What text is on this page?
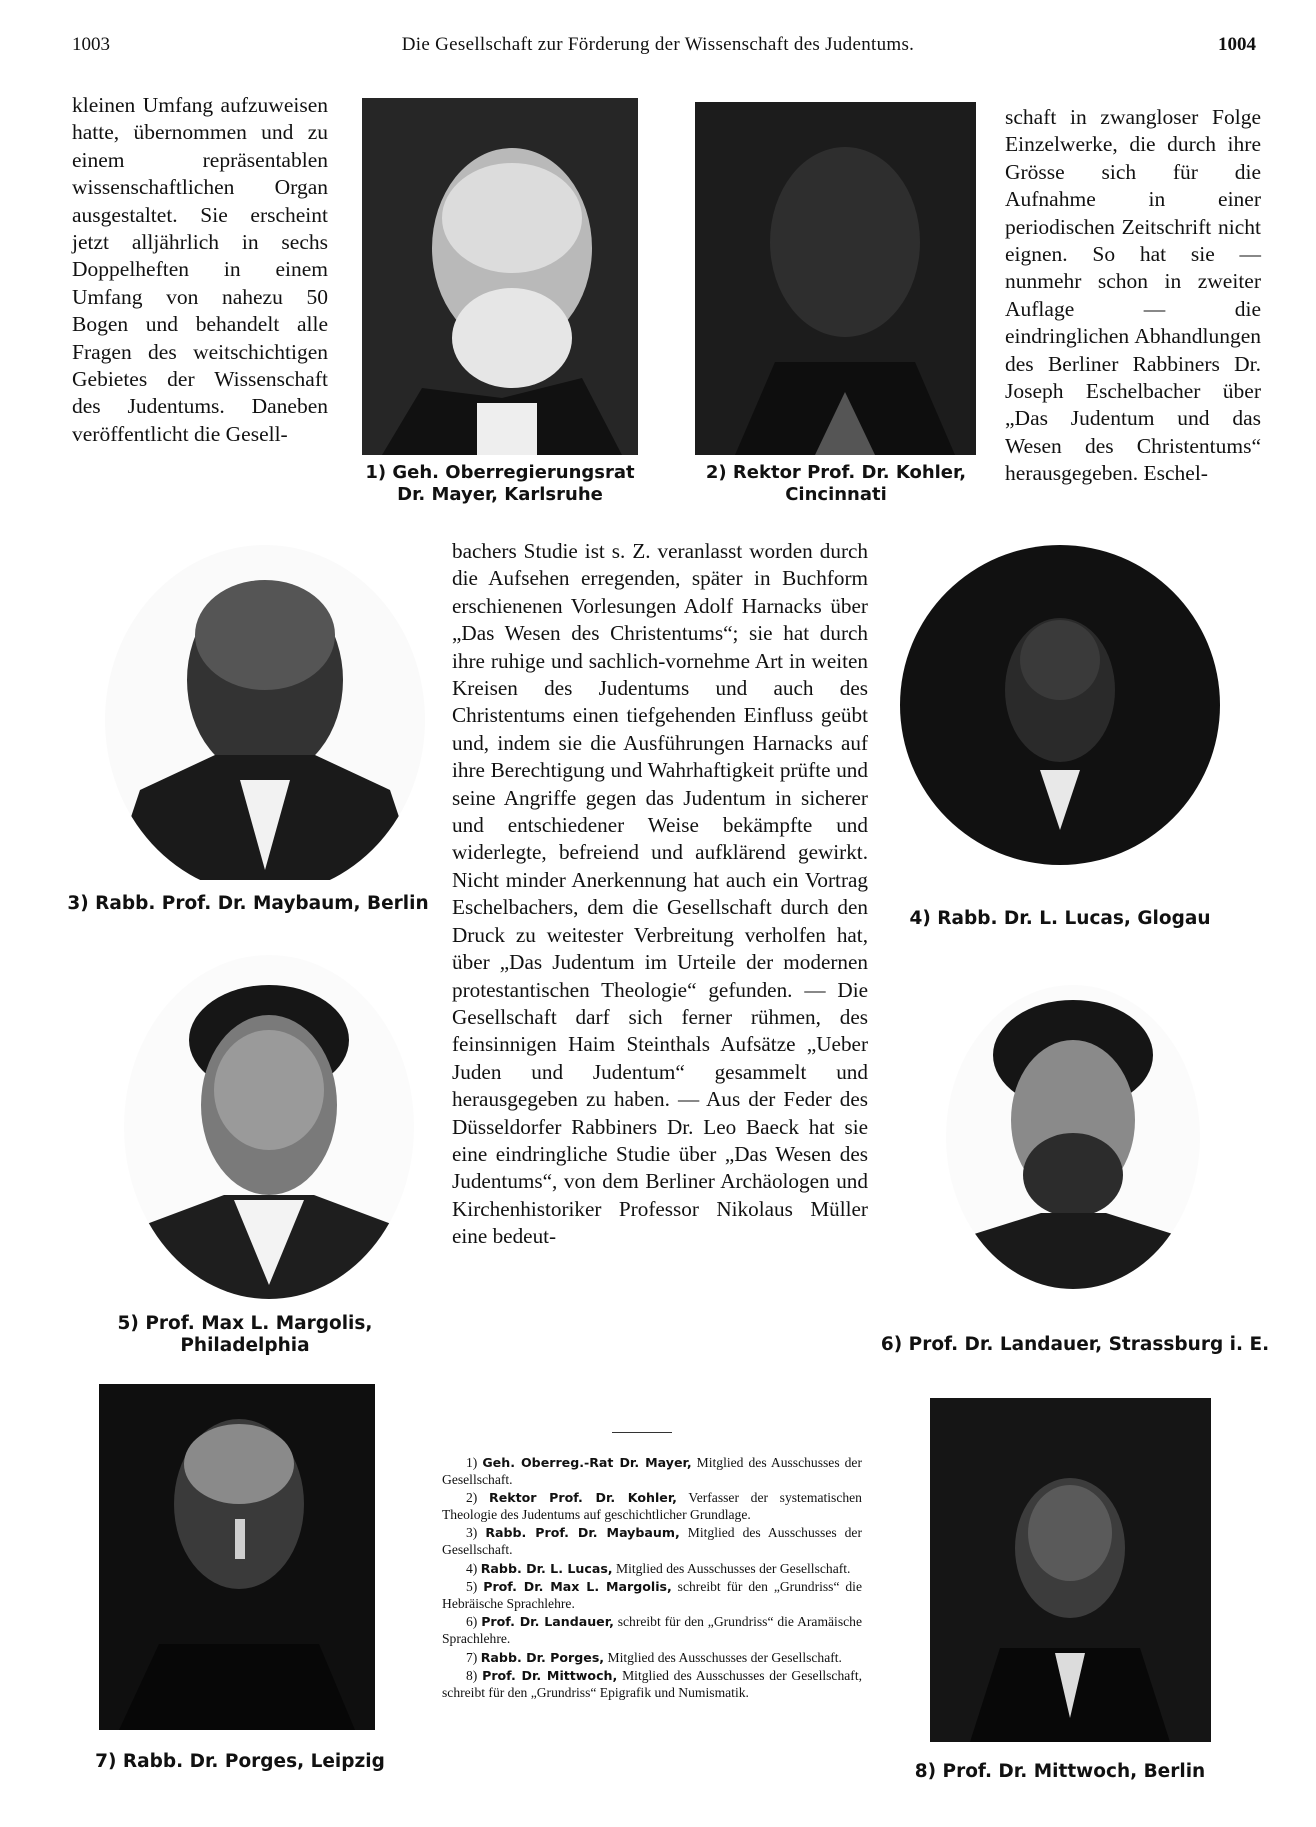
1003	Die Gesellschaft zur Förderung der Wissenschaft des Judentums.	1004

kleinen Umfang aufzuweisen hatte, übernommen und zu einem repräsentablen wissenschaftlichen Organ ausgestaltet. Sie erscheint jetzt alljährlich in sechs Doppelheften in einem Umfang von nahezu 50 Bogen und behandelt alle Fragen des weitschichtigen Gebietes der Wissenschaft des Judentums. Daneben veröffentlicht die Gesell-

1) Geh. Oberregierungsrat
Dr. Mayer, Karlsruhe
2) Rektor Prof. Dr. Kohler,
Cincinnati

schaft in zwangloser Folge Einzelwerke, die durch ihre Grösse sich für die Aufnahme in einer periodischen Zeitschrift nicht eignen. So hat sie — nunmehr schon in zweiter Auflage — die eindringlichen Abhandlungen des Berliner Rabbiners Dr. Joseph Eschelbacher über „Das Judentum und das Wesen des Christentums“ herausgegeben. Eschel-

3) Rabb. Prof. Dr. Maybaum, Berlin

bachers Studie ist s. Z. veranlasst worden durch die Aufsehen erregenden, später in Buchform erschienenen Vorlesungen Adolf Harnacks über „Das Wesen des Christentums“; sie hat durch ihre ruhige und sachlich-vornehme Art in weiten Kreisen des Judentums und auch des Christentums einen tiefgehenden Einfluss geübt und, indem sie die Ausführungen Harnacks auf ihre Berechtigung und Wahrhaftigkeit prüfte und seine Angriffe gegen das Judentum in sicherer und entschiedener Weise bekämpfte und widerlegte, befreiend und aufklärend gewirkt. Nicht minder Anerkennung hat auch ein Vortrag Eschelbachers, dem die Gesellschaft durch den Druck zu weitester Verbreitung verholfen hat, über „Das Judentum im Urteile der modernen protestantischen Theologie“ gefunden. — Die Gesellschaft darf sich ferner rühmen, des feinsinnigen Haim Steinthals Aufsätze „Ueber Juden und Judentum“ gesammelt und herausgegeben zu haben. — Aus der Feder des Düsseldorfer Rabbiners Dr. Leo Baeck hat sie eine eindringliche Studie über „Das Wesen des Judentums“, von dem Berliner Archäologen und Kirchenhistoriker Professor Nikolaus Müller eine bedeut-

4) Rabb. Dr. L. Lucas, Glogau
5) Prof. Max L. Margolis, Philadelphia	6) Prof. Dr. Landauer, Strassburg i. E.
7) Rabb. Dr. Porges, Leipzig

1) Geh. Oberreg.-Rat Dr. Mayer, Mitglied des Ausschusses der Gesellschaft.

2) Rektor Prof. Dr. Kohler, Verfasser der systematischen Theologie des Judentums auf geschichtlicher Grundlage.

3) Rabb. Prof. Dr. Maybaum, Mitglied des Ausschusses der Gesellschaft.

4) Rabb. Dr. L. Lucas, Mitglied des Ausschusses der Gesellschaft.

5) Prof. Dr. Max L. Margolis, schreibt für den „Grundriss“ die Hebräische Sprachlehre.

6) Prof. Dr. Landauer, schreibt für den „Grundriss“ die Aramäische Sprachlehre.

7) Rabb. Dr. Porges, Mitglied des Ausschusses der Gesellschaft.

8) Prof. Dr. Mittwoch, Mitglied des Ausschusses der Gesellschaft, schreibt für den „Grundriss“ Epigrafik und Numismatik.

8) Prof. Dr. Mittwoch, Berlin
